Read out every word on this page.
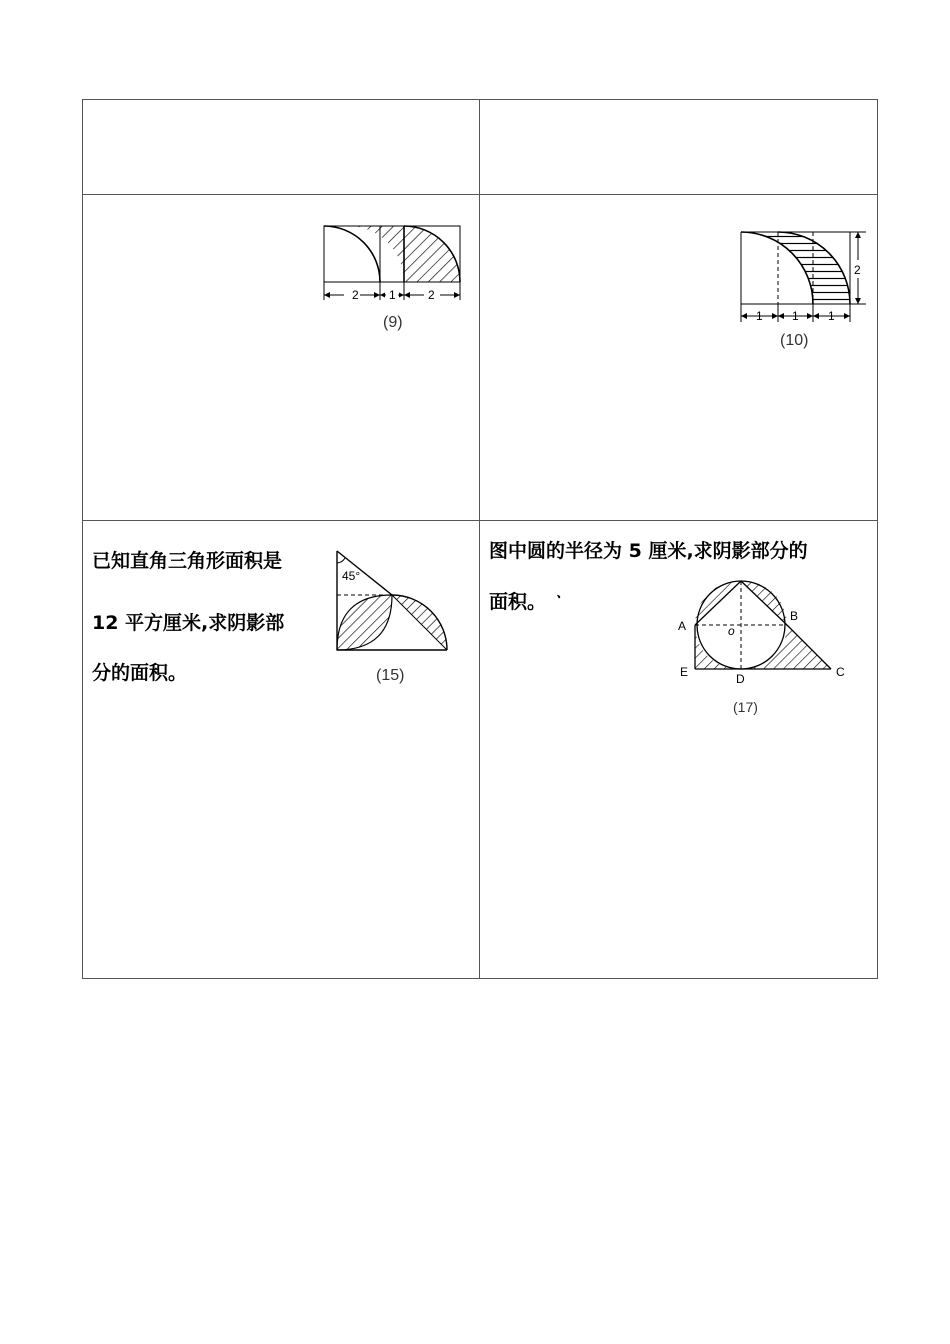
2	1	2
(9)
2
1 1 1
(10)
已知直角三角形面积是
12 平方厘米,求阴影部
分的面积。
45°
(15)
图中圆的半径为 5 厘米,求阴影部分的
面积。 ㆍ
A
B
C
D
E
o
(17)
